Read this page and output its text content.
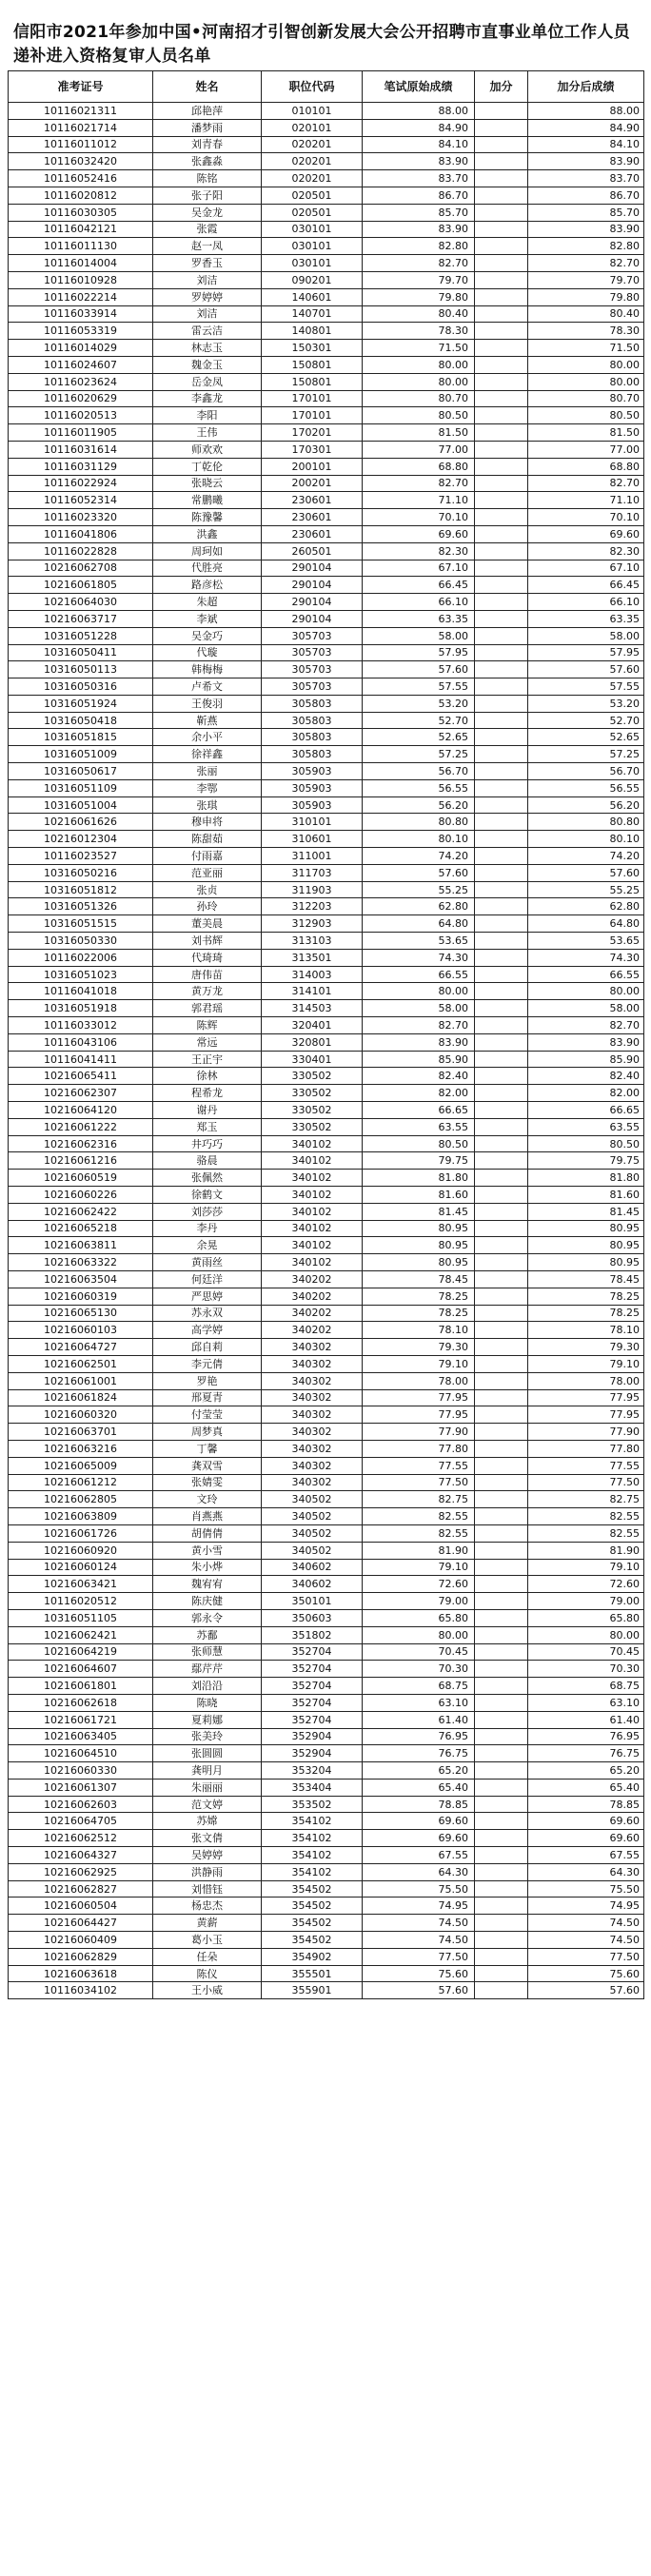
信阳市2021年参加中国•河南招才引智创新发展大会公开招聘市直事业单位工作人员递补进入资格复审人员名单
准考证号	姓名	职位代码	笔试原始成绩	加分	加分后成绩
10116021311	邱艳萍	010101	88.00		88.00
10116021714	潘梦雨	020101	84.90		84.90
10116011012	刘青春	020201	84.10		84.10
10116032420	张鑫淼	020201	83.90		83.90
10116052416	陈铭	020201	83.70		83.70
10116020812	张子阳	020501	86.70		86.70
10116030305	吴金龙	020501	85.70		85.70
10116042121	张霞	030101	83.90		83.90
10116011130	赵一凤	030101	82.80		82.80
10116014004	罗香玉	030101	82.70		82.70
10116010928	刘洁	090201	79.70		79.70
10116022214	罗婷婷	140601	79.80		79.80
10116033914	刘洁	140701	80.40		80.40
10116053319	雷云洁	140801	78.30		78.30
10116014029	林志玉	150301	71.50		71.50
10116024607	魏金玉	150801	80.00		80.00
10116023624	岳金凤	150801	80.00		80.00
10116020629	李鑫龙	170101	80.70		80.70
10116020513	李阳	170101	80.50		80.50
10116011905	王伟	170201	81.50		81.50
10116031614	师欢欢	170301	77.00		77.00
10116031129	丁乾伦	200101	68.80		68.80
10116022924	张晓云	200201	82.70		82.70
10116052314	常鹏曦	230601	71.10		71.10
10116023320	陈豫馨	230601	70.10		70.10
10116041806	洪鑫	230601	69.60		69.60
10116022828	周珂如	260501	82.30		82.30
10216062708	代胜亮	290104	67.10		67.10
10216061805	路彦松	290104	66.45		66.45
10216064030	朱超	290104	66.10		66.10
10216063717	李斌	290104	63.35		63.35
10316051228	吴金巧	305703	58.00		58.00
10316050411	代璇	305703	57.95		57.95
10316050113	韩梅梅	305703	57.60		57.60
10316050316	卢希文	305703	57.55		57.55
10316051924	王俊羽	305803	53.20		53.20
10316050418	靳燕	305803	52.70		52.70
10316051815	余小平	305803	52.65		52.65
10316051009	徐祥鑫	305803	57.25		57.25
10316050617	张丽	305903	56.70		56.70
10316051109	李鄂	305903	56.55		56.55
10316051004	张琪	305903	56.20		56.20
10216061626	穆申将	310101	80.80		80.80
10216012304	陈甜茹	310601	80.10		80.10
10116023527	付雨嘉	311001	74.20		74.20
10316050216	范亚丽	311703	57.60		57.60
10316051812	张贞	311903	55.25		55.25
10316051326	孙玲	312203	62.80		62.80
10316051515	董美晨	312903	64.80		64.80
10316050330	刘书辉	313103	53.65		53.65
10116022006	代琦琦	313501	74.30		74.30
10316051023	唐伟苗	314003	66.55		66.55
10116041018	黄万龙	314101	80.00		80.00
10316051918	郭君瑶	314503	58.00		58.00
10116033012	陈辉	320401	82.70		82.70
10116043106	常远	320801	83.90		83.90
10116041411	王正宇	330401	85.90		85.90
10216065411	徐林	330502	82.40		82.40
10216062307	程希龙	330502	82.00		82.00
10216064120	谢丹	330502	66.65		66.65
10216061222	郑玉	330502	63.55		63.55
10216062316	井巧巧	340102	80.50		80.50
10216061216	骆晨	340102	79.75		79.75
10216060519	张佩然	340102	81.80		81.80
10216060226	徐鹤文	340102	81.60		81.60
10216062422	刘莎莎	340102	81.45		81.45
10216065218	李丹	340102	80.95		80.95
10216063811	余晃	340102	80.95		80.95
10216063322	黄雨丝	340102	80.95		80.95
10216063504	何廷洋	340202	78.45		78.45
10216060319	严思婷	340202	78.25		78.25
10216065130	苏永双	340202	78.25		78.25
10216060103	高学婷	340202	78.10		78.10
10216064727	邱自莉	340302	79.30		79.30
10216062501	李元倩	340302	79.10		79.10
10216061001	罗艳	340302	78.00		78.00
10216061824	邢夏青	340302	77.95		77.95
10216060320	付莹莹	340302	77.95		77.95
10216063701	周梦真	340302	77.90		77.90
10216063216	丁馨	340302	77.80		77.80
10216065009	龚双雪	340302	77.55		77.55
10216061212	张婧雯	340302	77.50		77.50
10216062805	文玲	340502	82.75		82.75
10216063809	肖燕燕	340502	82.55		82.55
10216061726	胡倩倩	340502	82.55		82.55
10216060920	黄小雪	340502	81.90		81.90
10216060124	朱小烨	340602	79.10		79.10
10216063421	魏宥宥	340602	72.60		72.60
10116020512	陈庆健	350101	79.00		79.00
10316051105	郭永令	350603	65.80		65.80
10216062421	苏鄱	351802	80.00		80.00
10216064219	张师慧	352704	70.45		70.45
10216064607	鄢芹芹	352704	70.30		70.30
10216061801	刘沿沿	352704	68.75		68.75
10216062618	陈晓	352704	63.10		63.10
10216061721	夏莉娜	352704	61.40		61.40
10216063405	张美玲	352904	76.95		76.95
10216064510	张圆圆	352904	76.75		76.75
10216060330	龚明月	353204	65.20		65.20
10216061307	朱丽丽	353404	65.40		65.40
10216062603	范文婷	353502	78.85		78.85
10216064705	苏嫦	354102	69.60		69.60
10216062512	张文倩	354102	69.60		69.60
10216064327	吴婷婷	354102	67.55		67.55
10216062925	洪静雨	354102	64.30		64.30
10216062827	刘惜钰	354502	75.50		75.50
10216060504	杨忠杰	354502	74.95		74.95
10216064427	黄薪	354502	74.50		74.50
10216060409	葛小玉	354502	74.50		74.50
10216062829	任朵	354902	77.50		77.50
10216063618	陈仪	355501	75.60		75.60
10116034102	王小威	355901	57.60		57.60
